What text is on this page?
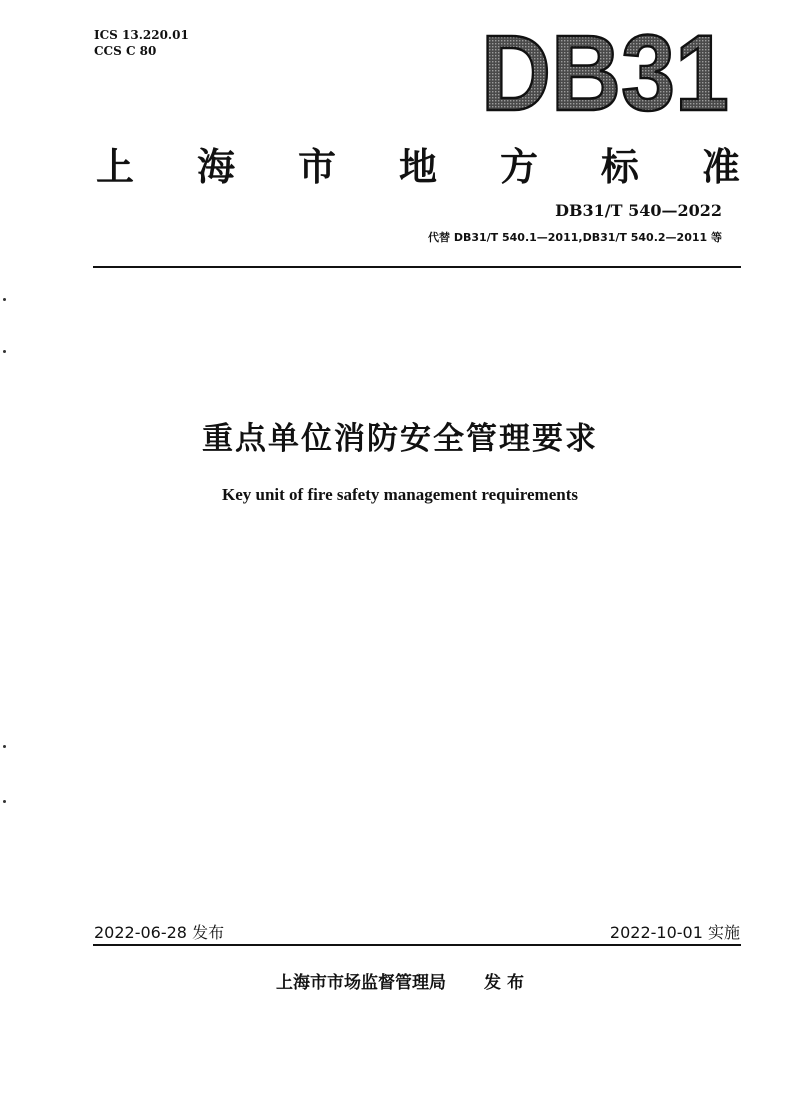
ICS 13.220.01
CCS C 80	DB31
上 海 市 地 方 标 准
DB31/T 540—2022
代替 DB31/T 540.1—2011,DB31/T 540.2—2011 等
重点单位消防安全管理要求
Key unit of fire safety management requirements
2022-06-28 发布	2022-10-01 实施
上海市市场监督管理局 发 布
